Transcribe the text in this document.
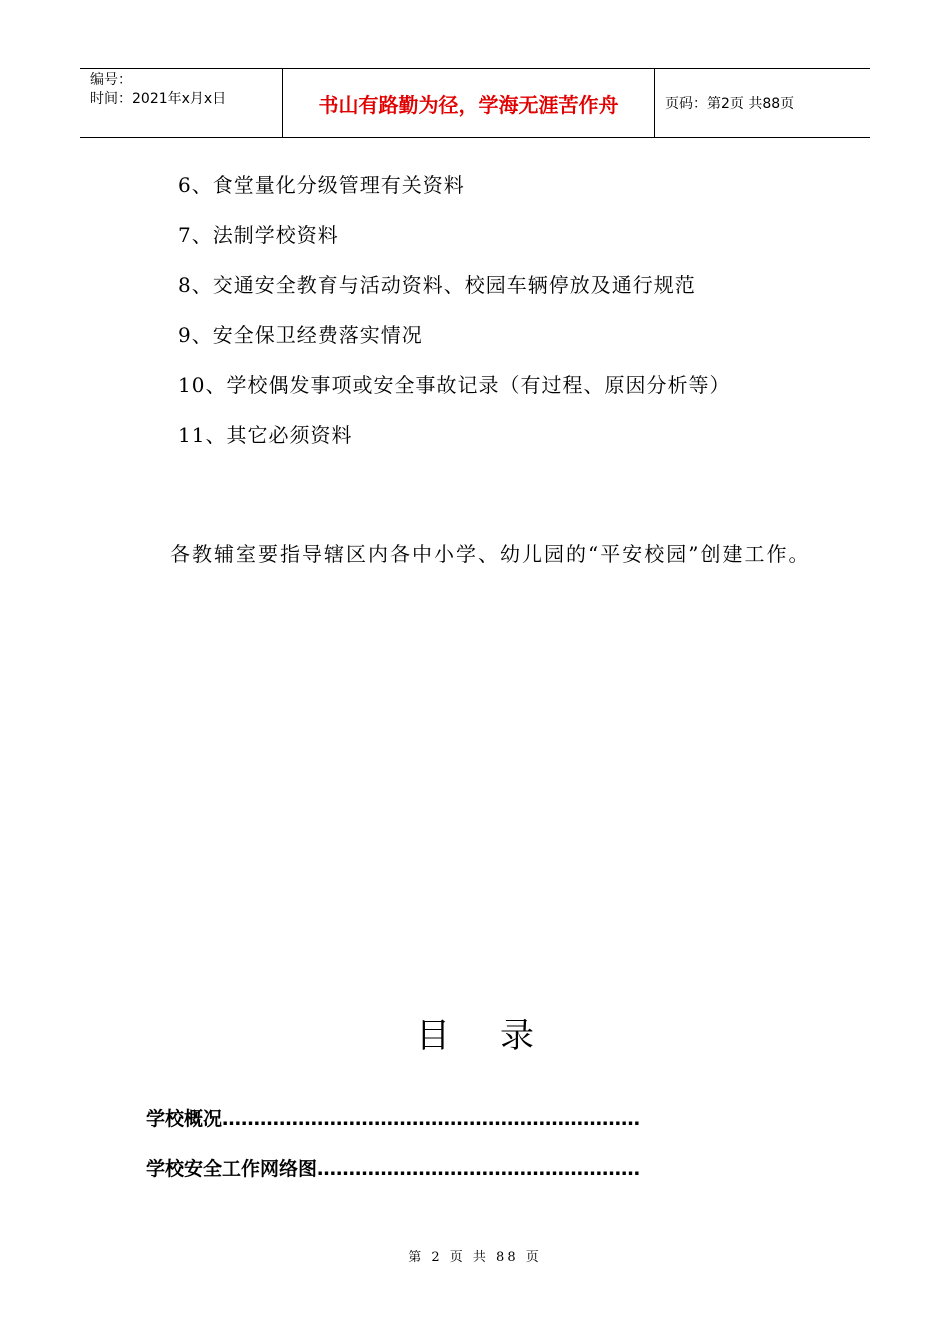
编号：
时间：2021年x月x日	书山有路勤为径，学海无涯苦作舟	页码：第2页 共88页
6、食堂量化分级管理有关资料
7、法制学校资料
8、交通安全教育与活动资料、校园车辆停放及通行规范
9、安全保卫经费落实情况
10、学校偶发事项或安全事故记录（有过程、原因分析等）
11、其它必须资料
各教辅室要指导辖区内各中小学、幼儿园的“平安校园”创建工作。
目录
学校概况…………………………………………………………
学校安全工作网络图……………………………………………
第 2 页 共 88 页
